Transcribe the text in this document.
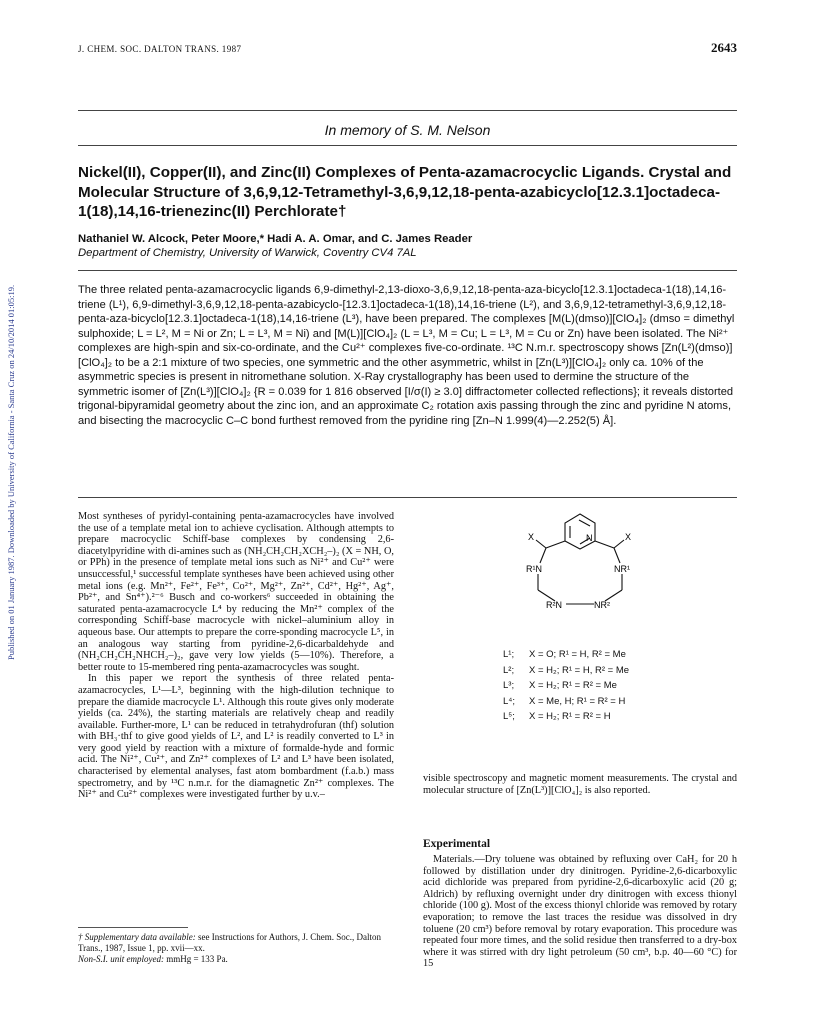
Published on 01 January 1987. Downloaded by University of California - Santa Cruz on 24/10/2014 01:05:19.
J. CHEM. SOC. DALTON TRANS. 1987	2643
In memory of S. M. Nelson
Nickel(II), Copper(II), and Zinc(II) Complexes of Penta-azamacrocyclic Ligands. Crystal and Molecular Structure of 3,6,9,12-Tetramethyl-3,6,9,12,18-penta-azabicyclo[12.3.1]octadeca-1(18),14,16-trienezinc(II) Perchlorate†
Nathaniel W. Alcock, Peter Moore,* Hadi A. A. Omar, and C. James Reader
Department of Chemistry, University of Warwick, Coventry CV4 7AL
The three related penta-azamacrocyclic ligands 6,9-dimethyl-2,13-dioxo-3,6,9,12,18-penta-aza-bicyclo[12.3.1]octadeca-1(18),14,16-triene (L¹), 6,9-dimethyl-3,6,9,12,18-penta-azabicyclo-[12.3.1]octadeca-1(18),14,16-triene (L²), and 3,6,9,12-tetramethyl-3,6,9,12,18-penta-aza-bicyclo[12.3.1]octadeca-1(18),14,16-triene (L³), have been prepared. The complexes [M(L)(dmso)][ClO₄]₂ (dmso = dimethyl sulphoxide; L = L², M = Ni or Zn; L = L³, M = Ni) and [M(L)][ClO₄]₂ (L = L³, M = Cu; L = L³, M = Cu or Zn) have been isolated. The Ni²⁺ complexes are high-spin and six-co-ordinate, and the Cu²⁺ complexes five-co-ordinate. ¹³C N.m.r. spectroscopy shows [Zn(L²)(dmso)][ClO₄]₂ to be a 2:1 mixture of two species, one symmetric and the other asymmetric, whilst in [Zn(L³)][ClO₄]₂ only ca. 10% of the asymmetric species is present in nitromethane solution. X-Ray crystallography has been used to dermine the structure of the symmetric isomer of [Zn(L³)][ClO₄]₂ {R = 0.039 for 1 816 observed [I/σ(I) ≥ 3.0] diffractometer collected reflections}; it reveals distorted trigonal-bipyramidal geometry about the zinc ion, and an approximate C₂ rotation axis passing through the zinc and pyridine N atoms, and bisecting the macrocyclic C–C bond furthest removed from the pyridine ring [Zn–N 1.999(4)—2.252(5) Å].

Most syntheses of pyridyl-containing penta-azamacrocycles have involved the use of a template metal ion to achieve cyclisation. Although attempts to prepare macrocyclic Schiff-base complexes by condensing 2,6-diacetylpyridine with di-amines such as (NH₂CH₂CH₂XCH₂–)₂ (X = NH, O, or PPh) in the presence of template metal ions such as Ni²⁺ and Cu²⁺ were unsuccessful,¹ successful template syntheses have been achieved using other metal ions (e.g. Mn²⁺, Fe²⁺, Fe³⁺, Co²⁺, Mg²⁺, Zn²⁺, Cd²⁺, Hg²⁺, Ag⁺, Pb²⁺, and Sn⁴⁺).²⁻⁶ Busch and co-workers⁶ succeeded in obtaining the saturated penta-azamacrocycle L⁴ by reducing the Mn²⁺ complex of the corresponding Schiff-base macrocycle with nickel–aluminium alloy in aqueous base. Our attempts to prepare the corre-sponding macrocycle L⁵, in an analogous way starting from pyridine-2,6-dicarbaldehyde and (NH₂CH₂CH₂NHCH₂–)₂, gave very low yields (5—10%). Therefore, a better route to 15-membered ring penta-azamacrocycles was sought.

In this paper we report the synthesis of three related penta-azamacrocycles, L¹—L³, beginning with the high-dilution technique to prepare the diamide macrocycle L¹. Although this route gives only moderate yields (ca. 24%), the starting materials are relatively cheap and readily available. Further-more, L¹ can be reduced in tetrahydrofuran (thf) solution with BH₃·thf to give good yields of L², and L² is readily converted to L³ in very good yield by reaction with a mixture of formalde-hyde and formic acid. The Ni²⁺, Cu²⁺, and Zn²⁺ complexes of L² and L³ have been isolated, characterised by elemental analyses, fast atom bombardment (f.a.b.) mass spectrometry, and by ¹³C n.m.r. for the diamagnetic Zn²⁺ complexes. The Ni²⁺ and Cu²⁺ complexes were investigated further by u.v.–

† Supplementary data available: see Instructions for Authors, J. Chem. Soc., Dalton Trans., 1987, Issue 1, pp. xvii—xx.
Non-S.I. unit employed: mmHg = 133 Pa.
X	X
N
R¹N	NR¹
R²N	NR²
L¹;	X = O; R¹ = H, R² = Me
L²;	X = H₂; R¹ = H, R² = Me
L³;	X = H₂; R¹ = R² = Me
L⁴;	X = Me, H; R¹ = R² = H
L⁵;	X = H₂; R¹ = R² = H
visible spectroscopy and magnetic moment measurements. The crystal and molecular structure of [Zn(L³)][ClO₄]₂ is also reported.
Experimental
Materials.—Dry toluene was obtained by refluxing over CaH₂ for 20 h followed by distillation under dry dinitrogen. Pyridine-2,6-dicarboxylic acid dichloride was prepared from pyridine-2,6-dicarboxylic acid (20 g; Aldrich) by refluxing overnight under dry dinitrogen with excess thionyl chloride (100 g). Most of the excess thionyl chloride was removed by rotary evaporation; to remove the last traces the residue was dissolved in dry toluene (20 cm³) before removal by rotary evaporation. This procedure was repeated four more times, and the solid residue then transferred to a dry-box where it was stirred with dry light petroleum (50 cm³, b.p. 40—60 °C) for 15
